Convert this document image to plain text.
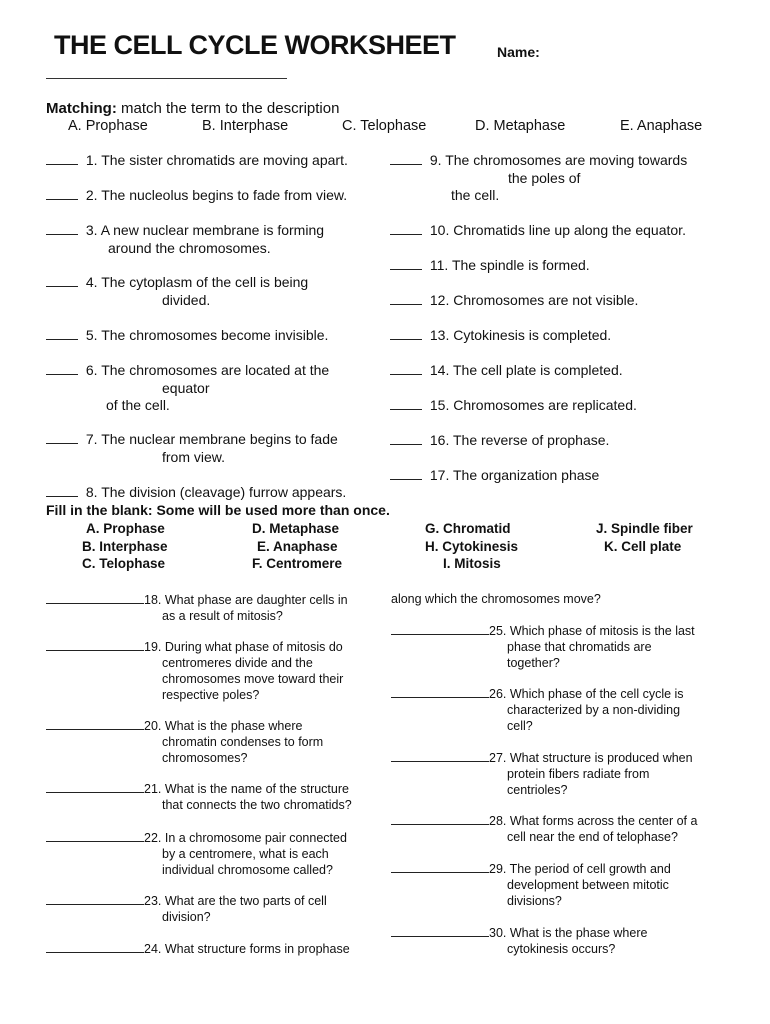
THE CELL CYCLE WORKSHEET	Name:
Matching: match the term to the description
A. Prophase	B. Interphase	C. Telophase	D. Metaphase	E. Anaphase
1. The sister chromatids are moving apart.
2. The nucleolus begins to fade from view.
3. A new nuclear membrane is forming
around the chromosomes.
4. The cytoplasm of the cell is being
divided.
5. The chromosomes become invisible.
6. The chromosomes are located at the
equator
of the cell.
7. The nuclear membrane begins to fade
from view.
8. The division (cleavage) furrow appears.
9. The chromosomes are moving towards
the poles of
the cell.
10. Chromatids line up along the equator.
11. The spindle is formed.
12. Chromosomes are not visible.
13. Cytokinesis is completed.
14. The cell plate is completed.
15. Chromosomes are replicated.
16. The reverse of prophase.
17. The organization phase
Fill in the blank: Some will be used more than once.
A. Prophase
B. Interphase
C. Telophase
D. Metaphase
E. Anaphase
F. Centromere
G. Chromatid
H. Cytokinesis
I. Mitosis
J. Spindle fiber
K. Cell plate
18. What phase are daughter cells in
as a result of mitosis?
19. During what phase of mitosis do
centromeres divide and the
chromosomes move toward their
respective poles?
20. What is the phase where
chromatin condenses to form
chromosomes?
21. What is the name of the structure
that connects the two chromatids?
22. In a chromosome pair connected
by a centromere, what is each
individual chromosome called?
23. What are the two parts of cell
division?
24. What structure forms in prophase
along which the chromosomes move?
25. Which phase of mitosis is the last
phase that chromatids are
together?
26. Which phase of the cell cycle is
characterized by a non-dividing
cell?
27. What structure is produced when
protein fibers radiate from
centrioles?
28. What forms across the center of a
cell near the end of telophase?
29. The period of cell growth and
development between mitotic
divisions?
30. What is the phase where
cytokinesis occurs?
